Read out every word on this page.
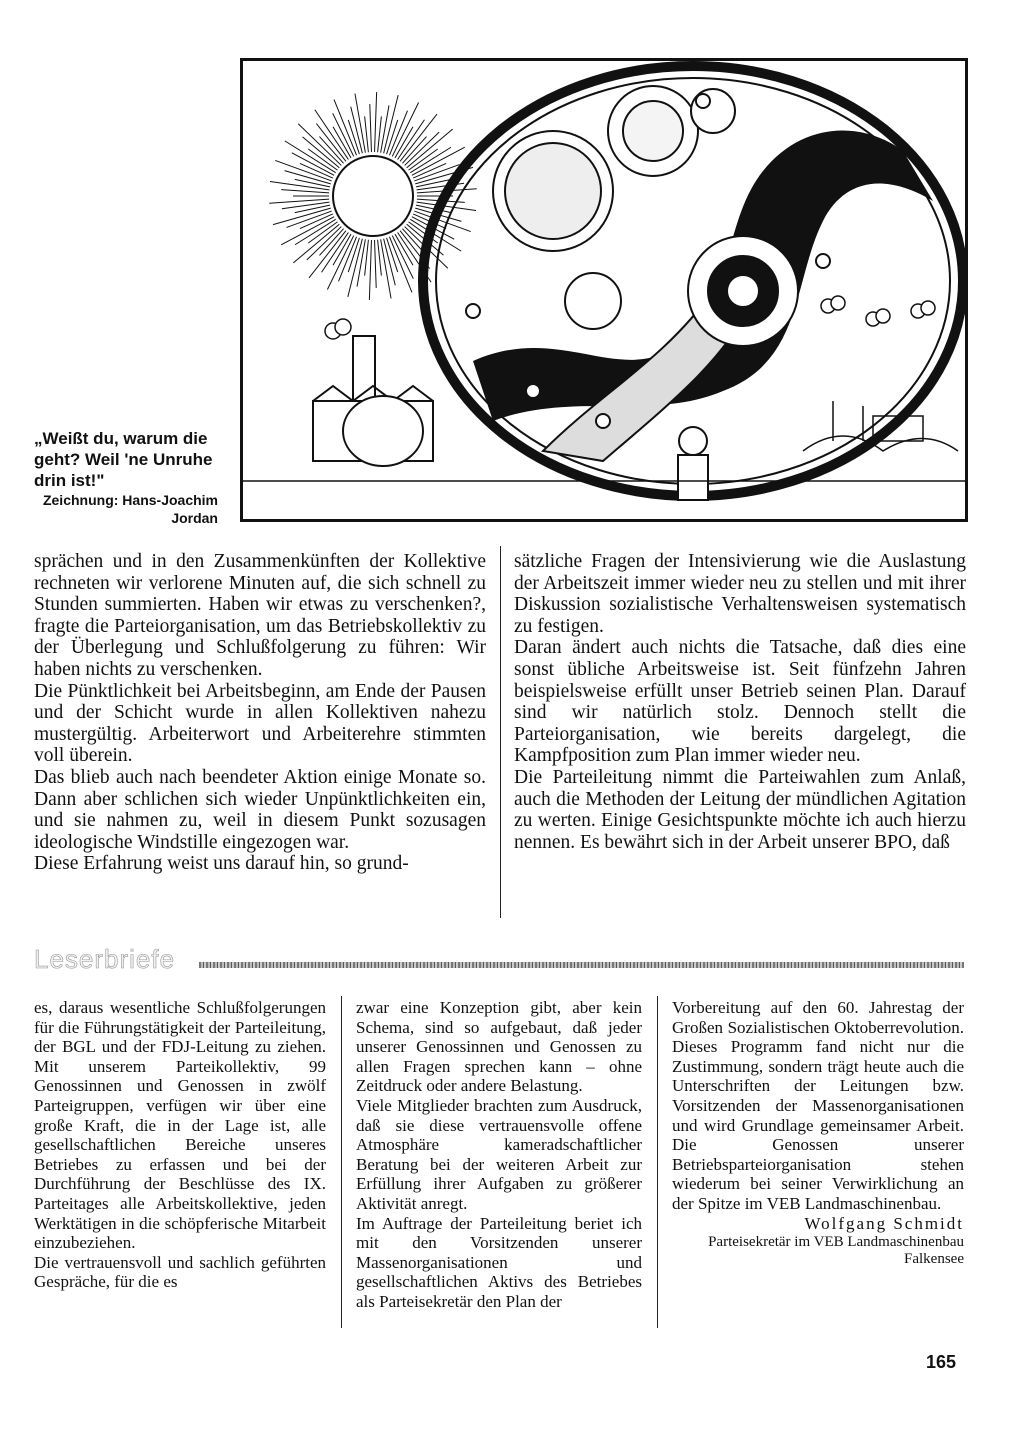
„Weißt du, warum die geht? Weil 'ne Unruhe drin ist!"
Zeichnung: Hans-Joachim
Jordan

sprächen und in den Zusammenkünften der Kollektive rechneten wir verlorene Minuten auf, die sich schnell zu Stunden summierten. Haben wir etwas zu verschenken?, fragte die Parteiorganisation, um das Betriebskollektiv zu der Überlegung und Schlußfolgerung zu führen: Wir haben nichts zu verschenken.

Die Pünktlichkeit bei Arbeitsbeginn, am Ende der Pausen und der Schicht wurde in allen Kollektiven nahezu mustergültig. Arbeiterwort und Arbeiterehre stimmten voll überein.

Das blieb auch nach beendeter Aktion einige Monate so. Dann aber schlichen sich wieder Unpünktlichkeiten ein, und sie nahmen zu, weil in diesem Punkt sozusagen ideologische Windstille eingezogen war.

Diese Erfahrung weist uns darauf hin, so grund-

sätzliche Fragen der Intensivierung wie die Auslastung der Arbeitszeit immer wieder neu zu stellen und mit ihrer Diskussion sozialistische Verhaltensweisen systematisch zu festigen.

Daran ändert auch nichts die Tatsache, daß dies eine sonst übliche Arbeitsweise ist. Seit fünfzehn Jahren beispielsweise erfüllt unser Betrieb seinen Plan. Darauf sind wir natürlich stolz. Dennoch stellt die Parteiorganisation, wie bereits dargelegt, die Kampfposition zum Plan immer wieder neu.

Die Parteileitung nimmt die Parteiwahlen zum Anlaß, auch die Methoden der Leitung der mündlichen Agitation zu werten. Einige Gesichtspunkte möchte ich auch hierzu nennen. Es bewährt sich in der Arbeit unserer BPO, daß

Leserbriefe

es, daraus wesentliche Schlußfolgerungen für die Führungstätigkeit der Parteileitung, der BGL und der FDJ-Leitung zu ziehen. Mit unserem Parteikollektiv, 99 Genossinnen und Genossen in zwölf Parteigruppen, verfügen wir über eine große Kraft, die in der Lage ist, alle gesellschaftlichen Bereiche unseres Betriebes zu erfassen und bei der Durchführung der Beschlüsse des IX. Parteitages alle Arbeitskollektive, jeden Werktätigen in die schöpferische Mitarbeit einzubeziehen.

Die vertrauensvoll und sachlich geführten Gespräche, für die es

zwar eine Konzeption gibt, aber kein Schema, sind so aufgebaut, daß jeder unserer Genossinnen und Genossen zu allen Fragen sprechen kann – ohne Zeitdruck oder andere Belastung.

Viele Mitglieder brachten zum Ausdruck, daß sie diese vertrauensvolle offene Atmosphäre kameradschaftlicher Beratung bei der weiteren Arbeit zur Erfüllung ihrer Aufgaben zu größerer Aktivität anregt.

Im Auftrage der Parteileitung beriet ich mit den Vorsitzenden unserer Massenorganisationen und gesellschaftlichen Aktivs des Betriebes als Parteisekretär den Plan der

Vorbereitung auf den 60. Jahrestag der Großen Sozialistischen Oktoberrevolution. Dieses Programm fand nicht nur die Zustimmung, sondern trägt heute auch die Unterschriften der Leitungen bzw. Vorsitzenden der Massenorganisationen und wird Grundlage gemeinsamer Arbeit. Die Genossen unserer Betriebsparteiorganisation stehen wiederum bei seiner Verwirklichung an der Spitze im VEB Landmaschinenbau.

Wolfgang Schmidt

Parteisekretär im VEB Landmaschinenbau Falkensee

165
